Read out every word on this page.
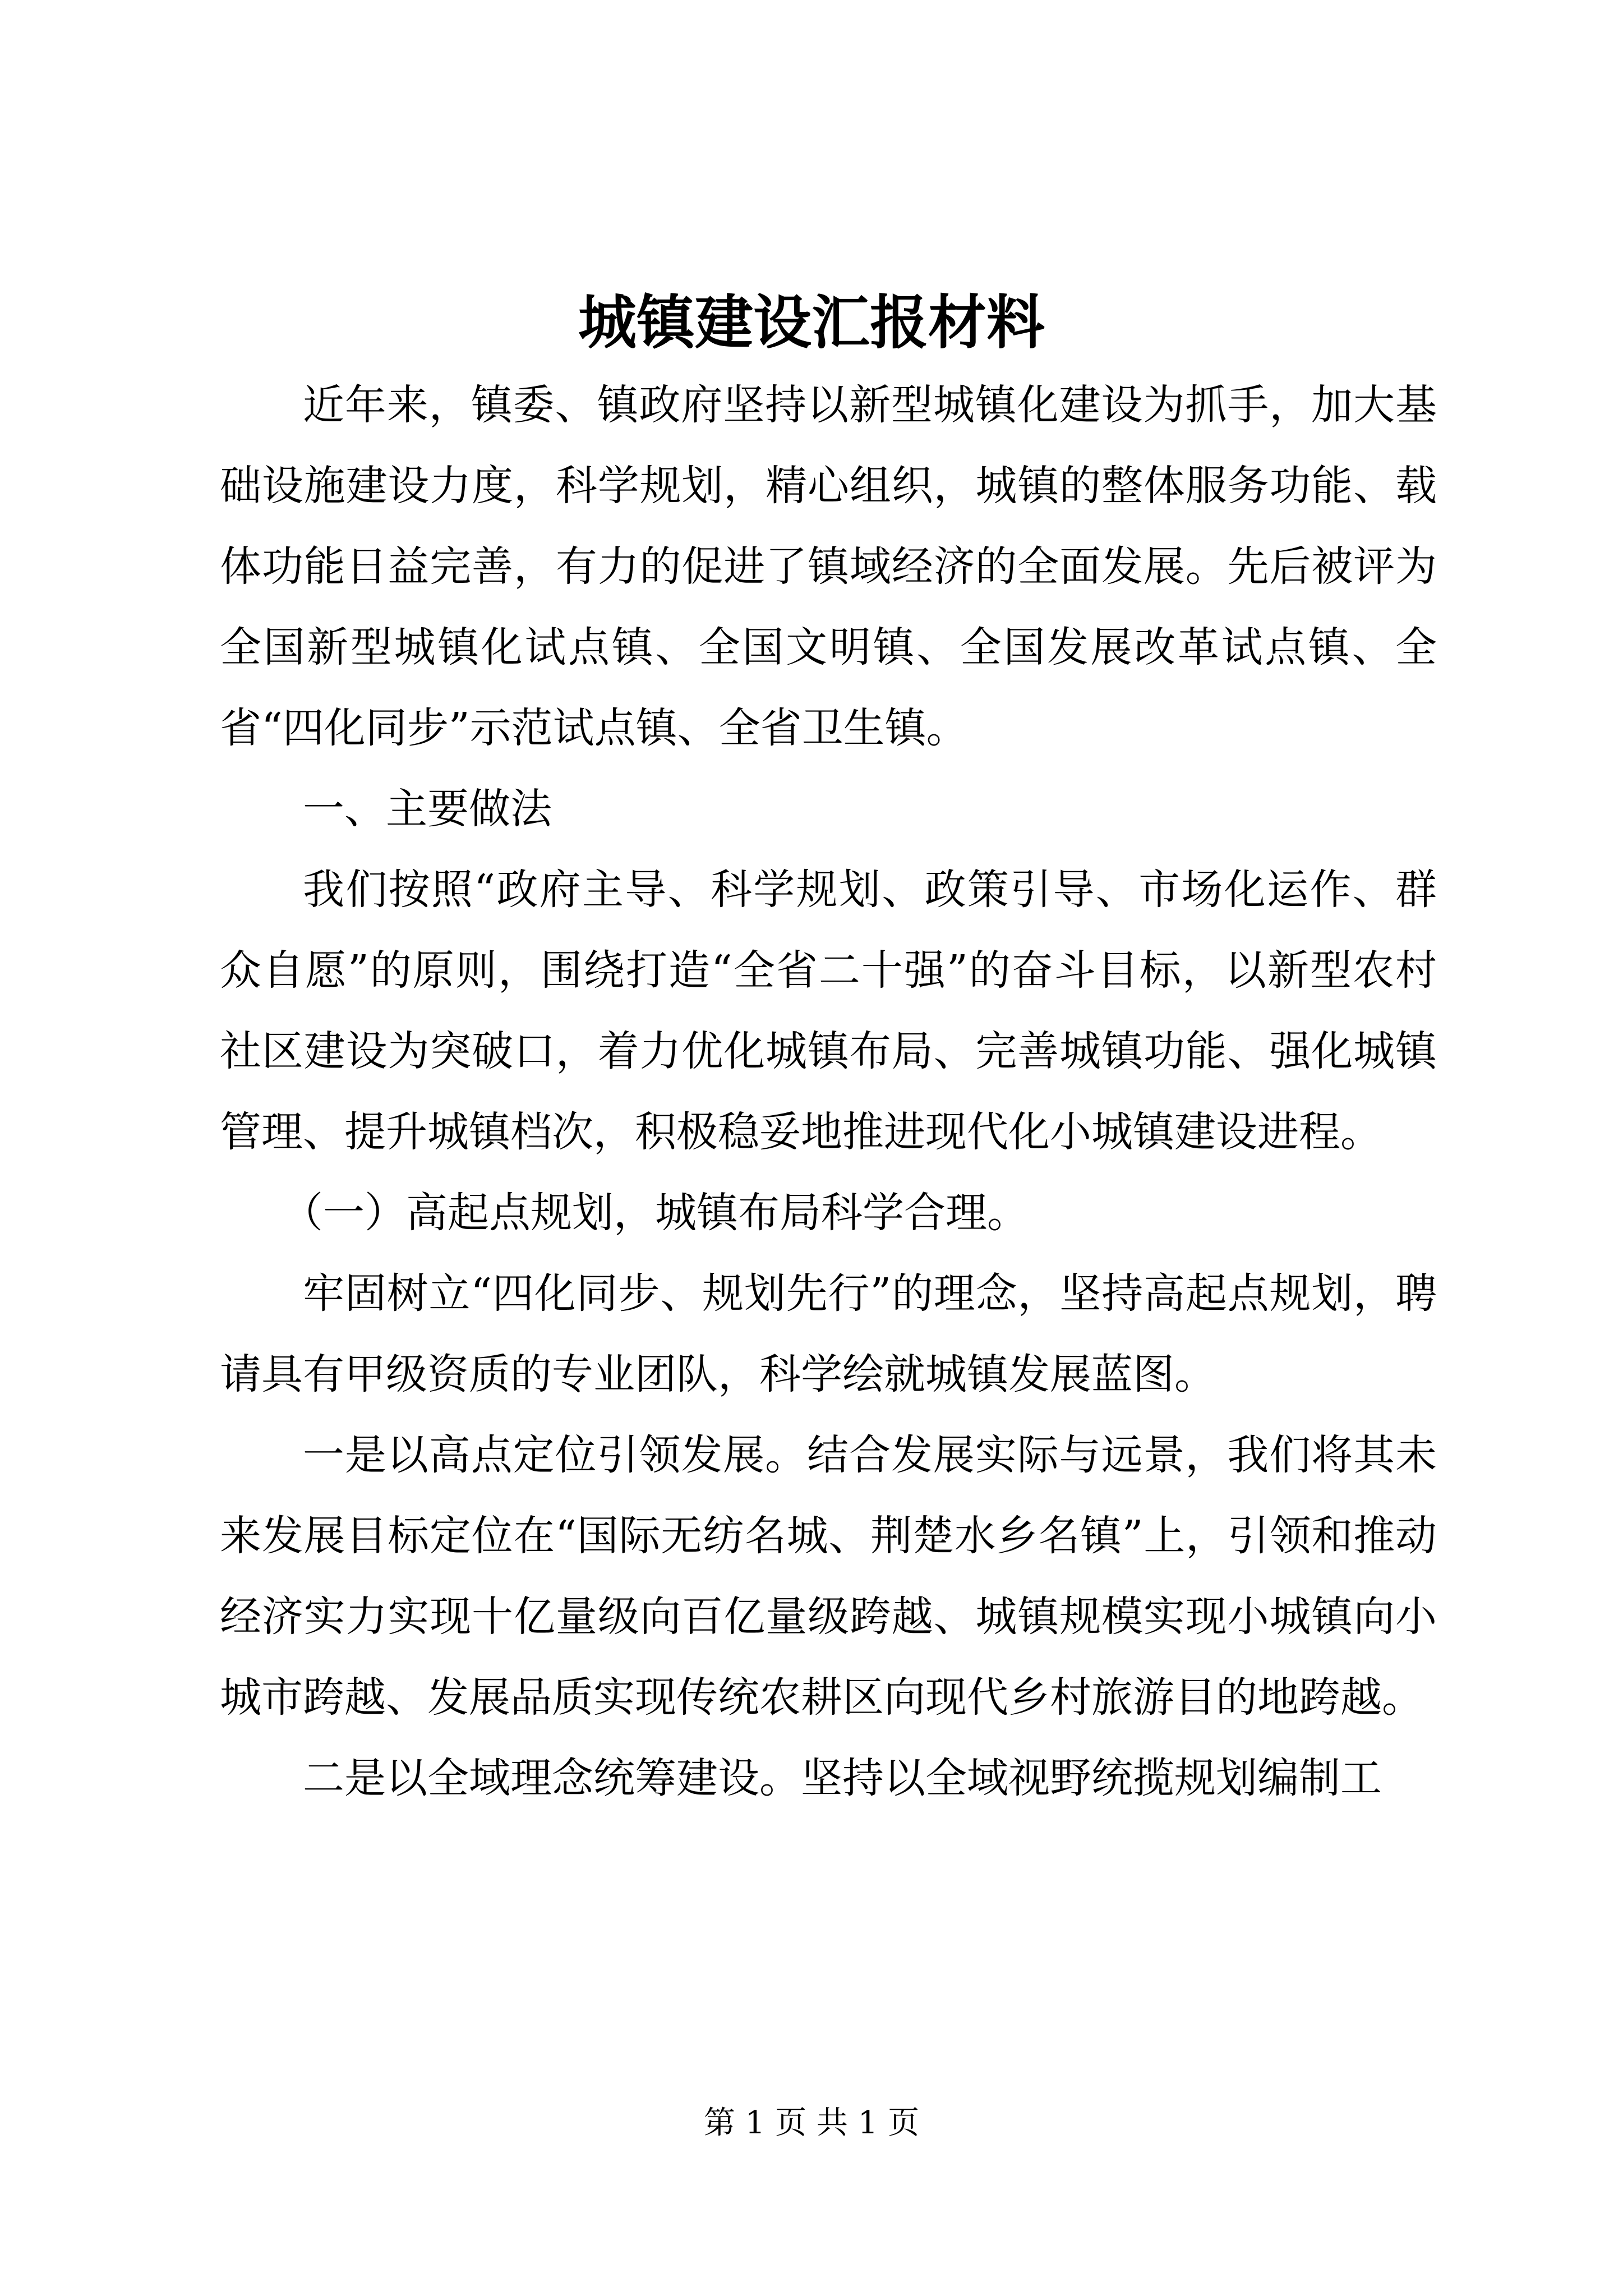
城镇建设汇报材料

近年来，镇委、镇政府坚持以新型城镇化建设为抓手，加大基础设施建设力度，科学规划，精心组织，城镇的整体服务功能、载体功能日益完善，有力的促进了镇域经济的全面发展。先后被评为全国新型城镇化试点镇、全国文明镇、全国发展改革试点镇、全省“四化同步”示范试点镇、全省卫生镇。

一、主要做法

我们按照“政府主导、科学规划、政策引导、市场化运作、群众自愿”的原则，围绕打造“全省二十强”的奋斗目标，以新型农村社区建设为突破口，着力优化城镇布局、完善城镇功能、强化城镇管理、提升城镇档次，积极稳妥地推进现代化小城镇建设进程。

（一）高起点规划，城镇布局科学合理。

牢固树立“四化同步、规划先行”的理念，坚持高起点规划，聘请具有甲级资质的专业团队，科学绘就城镇发展蓝图。

一是以高点定位引领发展。结合发展实际与远景，我们将其未来发展目标定位在“国际无纺名城、荆楚水乡名镇”上，引领和推动经济实力实现十亿量级向百亿量级跨越、城镇规模实现小城镇向小城市跨越、发展品质实现传统农耕区向现代乡村旅游目的地跨越。

二是以全域理念统筹建设。坚持以全域视野统揽规划编制工

第 1 页 共 1 页
